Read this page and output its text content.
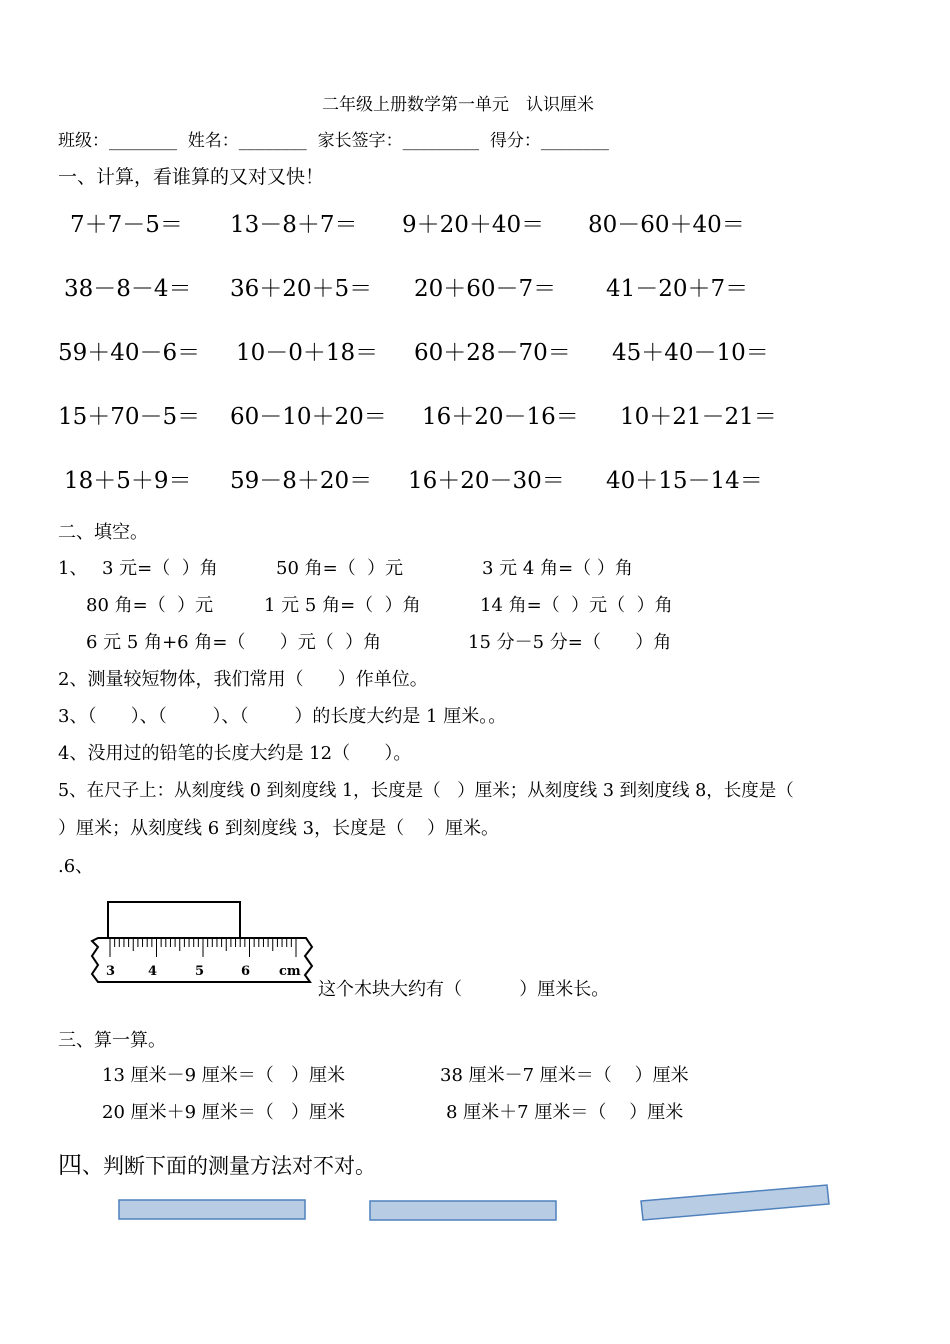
二年级上册数学第一单元　认识厘米
班级：________  姓名：________  家长签字：_________  得分：________
一、计算，看谁算的又对又快！
7＋7－5＝ 13－8＋7＝ 9＋20＋40＝ 80－60＋40＝
38－8－4＝ 36＋20＋5＝ 20＋60－7＝ 41－20＋7＝
59＋40－6＝ 10－0＋18＝ 60＋28－70＝ 45＋40－10＝
15＋70－5＝ 60－10＋20＝ 16＋20－16＝ 10＋21－21＝
18＋5＋9＝ 59－8＋20＝ 16＋20－30＝ 40＋15－14＝
二、填空。
1、 3 元=（  ）角	50 角=（  ）元	3 元 4 角=（ ）角
80 角=（  ）元	1 元 5 角=（  ）角	14 角=（  ）元（  ）角
6 元 5 角+6 角=（      ）元（  ）角	15 分－5 分=（      ）角
2、测量较短物体，我们常用（      ）作单位。
3、（      ）、（        ）、（        ）的长度大约是 1 厘米。。
4、没用过的铅笔的长度大约是 12（      ）。
5、在尺子上：从刻度线 0 到刻度线 1，长度是（   ）厘米；从刻度线 3 到刻度线 8，长度是（
）厘米；从刻度线 6 到刻度线 3，长度是（    ）厘米。
.6、
3	4	5	6 cm
这个木块大约有（          ）厘米长。
三、算一算。
13 厘米－9 厘米＝（   ）厘米	38 厘米－7 厘米＝（    ）厘米
20 厘米＋9 厘米＝（   ）厘米	8 厘米＋7 厘米＝（    ）厘米
四、判断下面的测量方法对不对。
